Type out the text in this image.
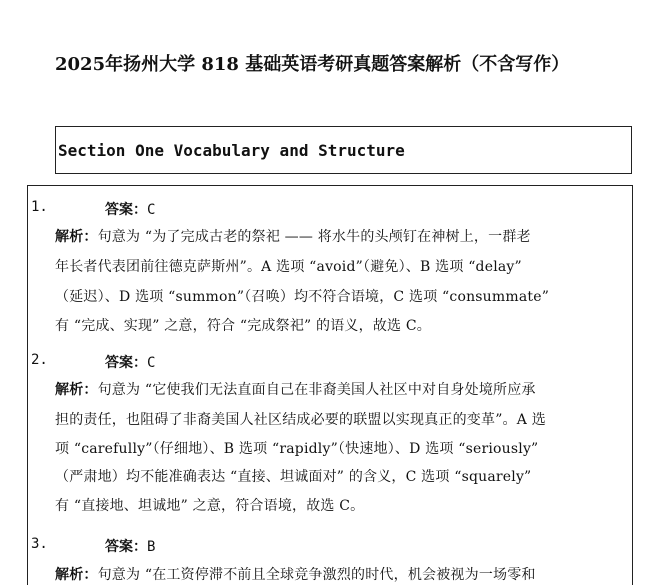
2025年扬州大学 818 基础英语考研真题答案解析（不含写作）
Section One Vocabulary and Structure
1.	答案：C
解析：句意为 “为了完成古老的祭祀 —— 将水牛的头颅钉在神树上，一群老
年长者代表团前往德克萨斯州”。A 选项 “avoid”（避免）、B 选项 “delay”
（延迟）、D 选项 “summon”（召唤）均不符合语境，C 选项 “consummate”
有 “完成、实现” 之意，符合 “完成祭祀” 的语义，故选 C。
2.	答案：C
解析：句意为 “它使我们无法直面自己在非裔美国人社区中对自身处境所应承
担的责任，也阻碍了非裔美国人社区结成必要的联盟以实现真正的变革”。A 选
项 “carefully”（仔细地）、B 选项 “rapidly”（快速地）、D 选项 “seriously”
（严肃地）均不能准确表达 “直接、坦诚面对” 的含义，C 选项 “squarely”
有 “直接地、坦诚地” 之意，符合语境，故选 C。
3.	答案：B
解析：句意为 “在工资停滞不前且全球竞争激烈的时代，机会被视为一场零和
